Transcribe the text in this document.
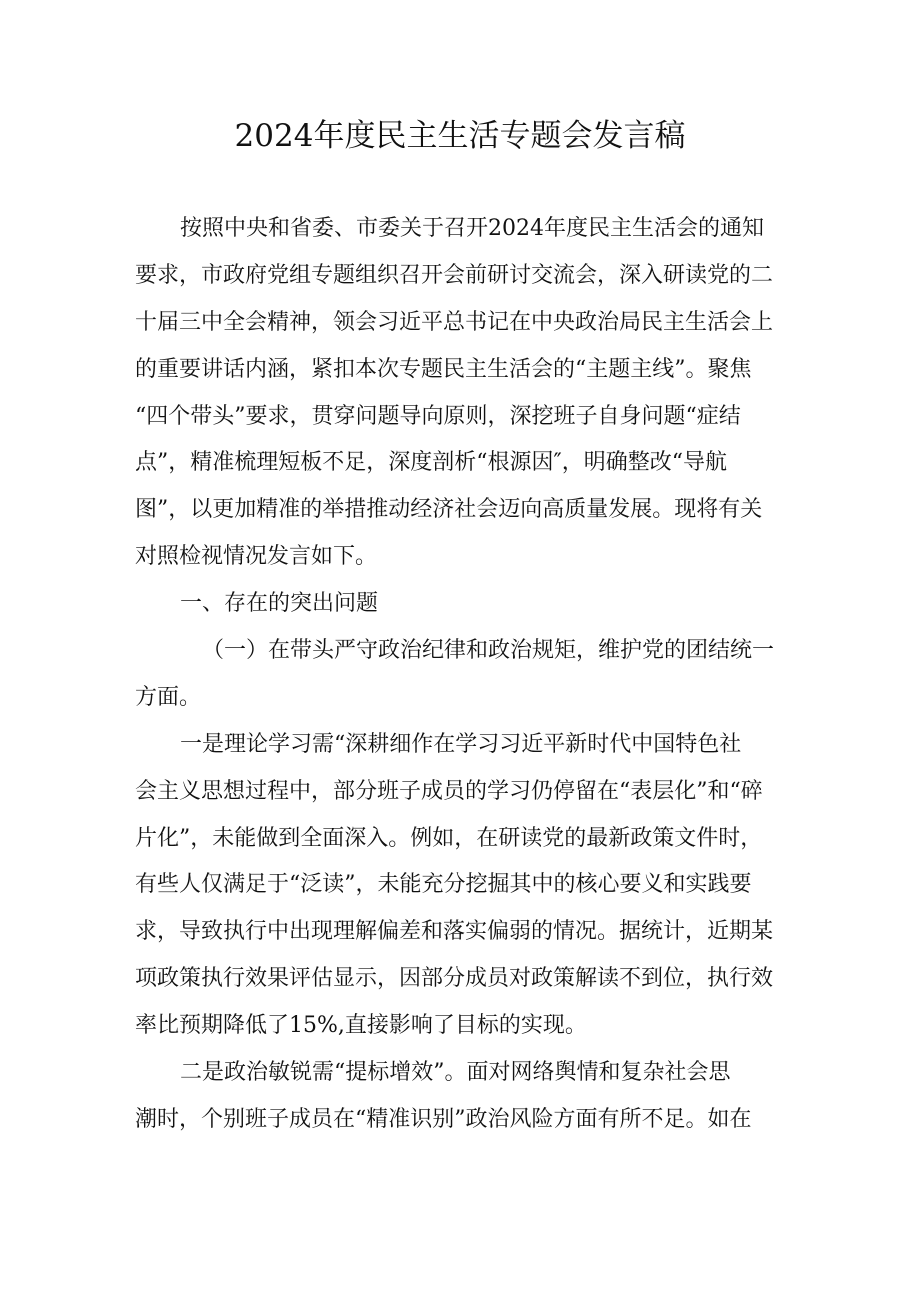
2024年度民主生活专题会发言稿
按照中央和省委、市委关于召开2024年度民主生活会的通知
要求，市政府党组专题组织召开会前研讨交流会，深入研读党的二
十届三中全会精神，领会习近平总书记在中央政治局民主生活会上
的重要讲话内涵，紧扣本次专题民主生活会的“主题主线”。聚焦
“四个带头”要求，贯穿问题导向原则，深挖班子自身问题“症结
点”，精准梳理短板不足，深度剖析“根源因″，明确整改“导航
图”，以更加精准的举措推动经济社会迈向高质量发展。现将有关
对照检视情况发言如下。
一、存在的突出问题
（一）在带头严守政治纪律和政治规矩，维护党的团结统一
方面。
一是理论学习需“深耕细作在学习习近平新时代中国特色社
会主义思想过程中，部分班子成员的学习仍停留在“表层化”和“碎
片化”，未能做到全面深入。例如，在研读党的最新政策文件时，
有些人仅满足于“泛读”，未能充分挖掘其中的核心要义和实践要
求，导致执行中出现理解偏差和落实偏弱的情况。据统计，近期某
项政策执行效果评估显示，因部分成员对政策解读不到位，执行效
率比预期降低了15%,直接影响了目标的实现。
二是政治敏锐需“提标增效”。面对网络舆情和复杂社会思
潮时，个别班子成员在“精准识别”政治风险方面有所不足。如在
